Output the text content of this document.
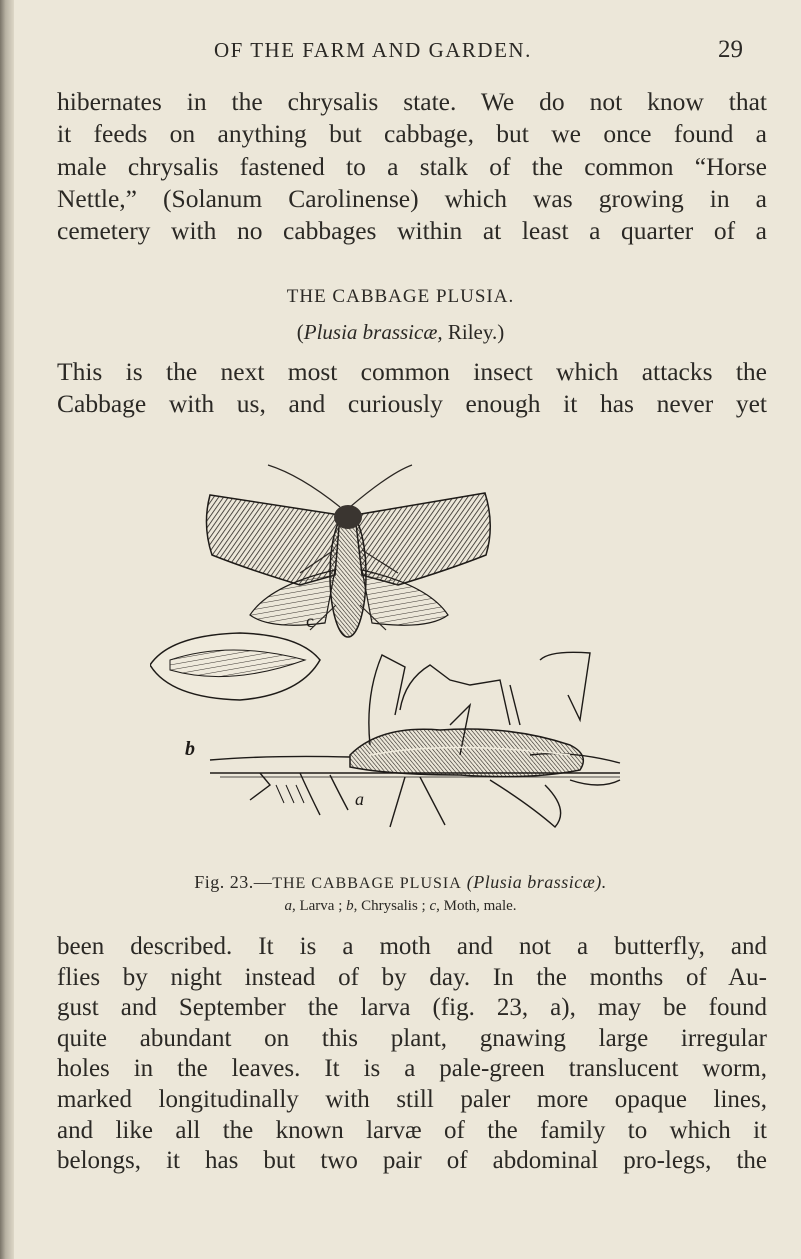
OF THE FARM AND GARDEN.	29
hibernates in the chrysalis state. We do not know that
it feeds on anything but cabbage, but we once found a
male chrysalis fastened to a stalk of the common “Horse
Nettle,” (Solanum Carolinense) which was growing in a
cemetery with no cabbages within at least a quarter of a
THE CABBAGE PLUSIA.
(Plusia brassicæ, Riley.)
This is the next most common insect which attacks the
Cabbage with us, and curiously enough it has never yet
c
b
a
Fig. 23.—THE CABBAGE PLUSIA (Plusia brassicæ).
a, Larva ; b, Chrysalis ; c, Moth, male.
been described. It is a moth and not a butterfly, and
flies by night instead of by day. In the months of Au-
gust and September the larva (fig. 23, a), may be found
quite abundant on this plant, gnawing large irregular
holes in the leaves. It is a pale-green translucent worm,
marked longitudinally with still paler more opaque lines,
and like all the known larvæ of the family to which it
belongs, it has but two pair of abdominal pro-legs, the
